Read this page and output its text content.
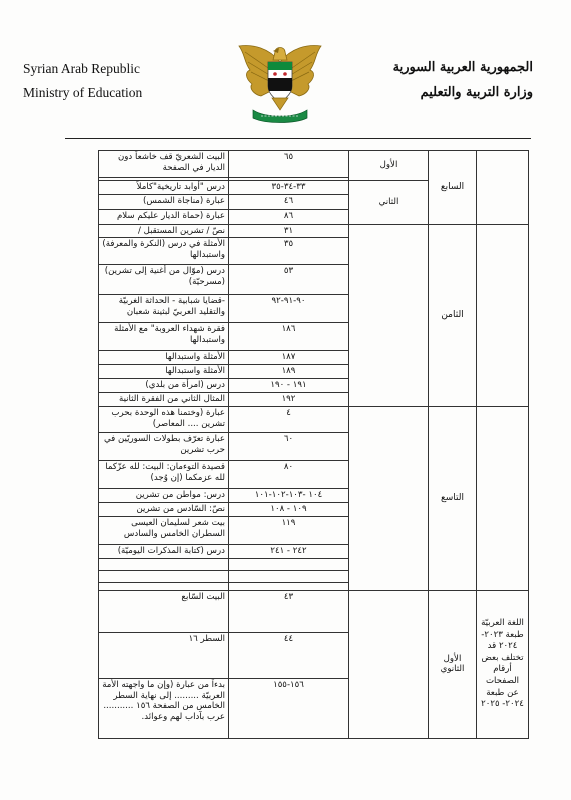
Syrian Arab Republic
Ministry of Education
الجمهورية العربية السورية
وزارة التربية والتعليم
	السابع	الأول	٦٥	البيت الشعريّ قف خاشعاً دون الديار في الصفحة
			٠	
		الثاني	٣٣-٣٤-٣٥	درس "أوابد تاريخية"كاملاً
			٤٦	عبارة (مناجاة الشمس)
			٨٦	عبارة (حماة الديار عليكم سلام
	الثامن		٣١	نصّ / تشرين المستقبل /
			٣٥	الأمثلة في درس (النكرة والمعرفة) واستبدالها
			٥٣	درس (موّال من أغنية إلى تشرين) (مسرحيّة)
			٩٠-٩١-٩٢	-قضايا شبابية - الحداثة الغربيّة والتقليد العربيّ لبثينة شعبان
			١٨٦	فقرة شهداء العروبة" مع الأمثلة واستبدالها
			١٨٧	الأمثلة واستبدالها
			١٨٩	الأمثلة واستبدالها
			١٩١ - ١٩٠	درس (امرأة من بلدي)
			١٩٢	المثال الثاني من الفقرة الثانية
	التاسع		٤	عبارة (وختمنا هذه الوحدة بحرب تشرين .... المعاصر)
			٦٠	عبارة تعرّف بطولات السوريّين في حرب تشرين
			٨٠	قصيدة التوءمان: البيت: لله عزّكما لله عزمكما (إن وُجد)
			١٠٤ -١٠٣-١٠٢-١٠١	درس: مواطن من تشرين
			١٠٩ - ١٠٨	نصّ: السّادس من تشرين
			١١٩	بيت شعر لسليمان العيسى السطران الخامس والسادس
			٢٤٢ - ٢٤١	درس (كتابة المذكرات اليوميّة)

اللغة العربيّة طبعة ٢٠٢٣- ٢٠٢٤ قد تختلف بعض أرقام الصفحات عن طبعة ٢٠٢٤- ٢٠٢٥	الأول الثانوي		٤٣	البيت السّابع
			٤٤	السطر ١٦
			١٥٦-١٥٥	بدءاً من عبارة (وإن ما واجهته الأمة العربيّة ......... إلى نهاية السطر الخامس من الصفحة ١٥٦ ........... عرب بآداب لهم وعوائد.
